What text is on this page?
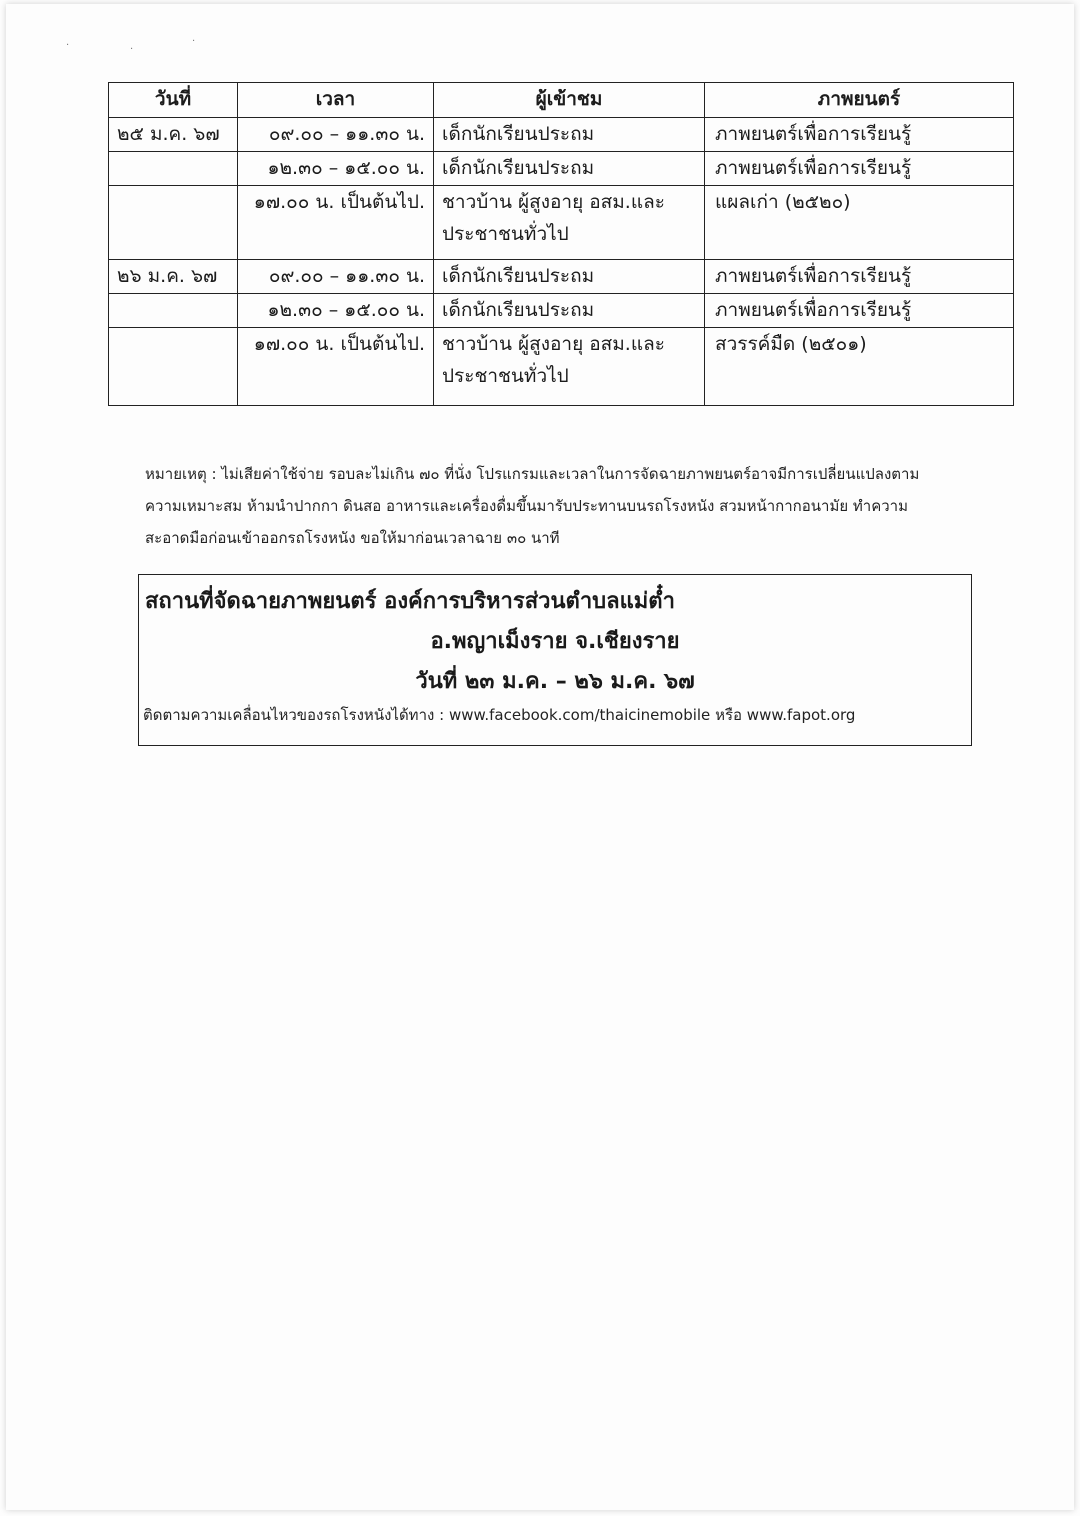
·	·
·
วันที่	เวลา	ผู้เข้าชม	ภาพยนตร์
๒๕ ม.ค. ๖๗	๐๙.๐๐ – ๑๑.๓๐ น.	เด็กนักเรียนประถม	ภาพยนตร์เพื่อการเรียนรู้
	๑๒.๓๐ – ๑๕.๐๐ น.	เด็กนักเรียนประถม	ภาพยนตร์เพื่อการเรียนรู้
	๑๗.๐๐ น. เป็นต้นไป.	ชาวบ้าน ผู้สูงอายุ อสม.และประชาชนทั่วไป	แผลเก่า (๒๕๒๐)
๒๖ ม.ค. ๖๗	๐๙.๐๐ – ๑๑.๓๐ น.	เด็กนักเรียนประถม	ภาพยนตร์เพื่อการเรียนรู้
	๑๒.๓๐ – ๑๕.๐๐ น.	เด็กนักเรียนประถม	ภาพยนตร์เพื่อการเรียนรู้
	๑๗.๐๐ น. เป็นต้นไป.	ชาวบ้าน ผู้สูงอายุ อสม.และประชาชนทั่วไป	สวรรค์มืด (๒๕๐๑)

หมายเหตุ : ไม่เสียค่าใช้จ่าย รอบละไม่เกิน ๗๐ ที่นั่ง โปรแกรมและเวลาในการจัดฉายภาพยนตร์อาจมีการเปลี่ยนแปลงตาม

ความเหมาะสม ห้ามนำปากกา ดินสอ อาหารและเครื่องดื่มขึ้นมารับประทานบนรถโรงหนัง สวมหน้ากากอนามัย ทำความ

สะอาดมือก่อนเข้าออกรถโรงหนัง ขอให้มาก่อนเวลาฉาย ๓๐ นาที

สถานที่จัดฉายภาพยนตร์ องค์การบริหารส่วนตำบลแม่ต๋ำ
อ.พญาเม็งราย จ.เชียงราย
วันที่ ๒๓ ม.ค. – ๒๖ ม.ค. ๖๗
ติดตามความเคลื่อนไหวของรถโรงหนังได้ทาง : www.facebook.com/thaicinemobile หรือ www.fapot.org
